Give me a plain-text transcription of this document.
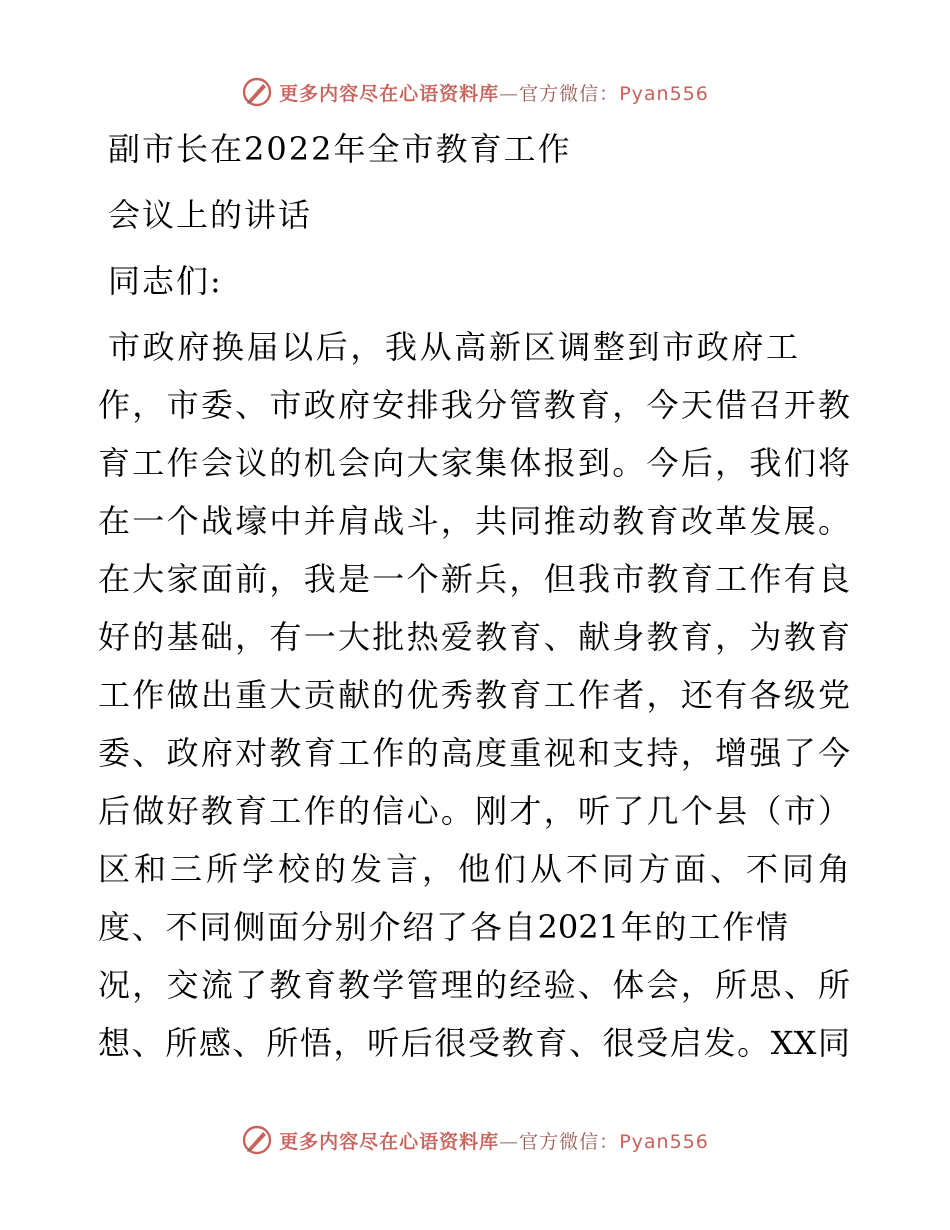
更多内容尽在心语资料库—官方微信：Pyan556
副市长在2022年全市教育工作
会议上的讲话
同志们:
市政府换届以后，我从高新区调整到市政府工
作，市委、市政府安排我分管教育，今天借召开教
育工作会议的机会向大家集体报到。今后，我们将
在一个战壕中并肩战斗，共同推动教育改革发展。
在大家面前，我是一个新兵，但我市教育工作有良
好的基础，有一大批热爱教育、献身教育，为教育
工作做出重大贡献的优秀教育工作者，还有各级党
委、政府对教育工作的高度重视和支持，增强了今
后做好教育工作的信心。刚才，听了几个县（市）
区和三所学校的发言，他们从不同方面、不同角
度、不同侧面分别介绍了各自2021年的工作情
况，交流了教育教学管理的经验、体会，所思、所
想、所感、所悟，听后很受教育、很受启发。XX同
更多内容尽在心语资料库—官方微信：Pyan556
